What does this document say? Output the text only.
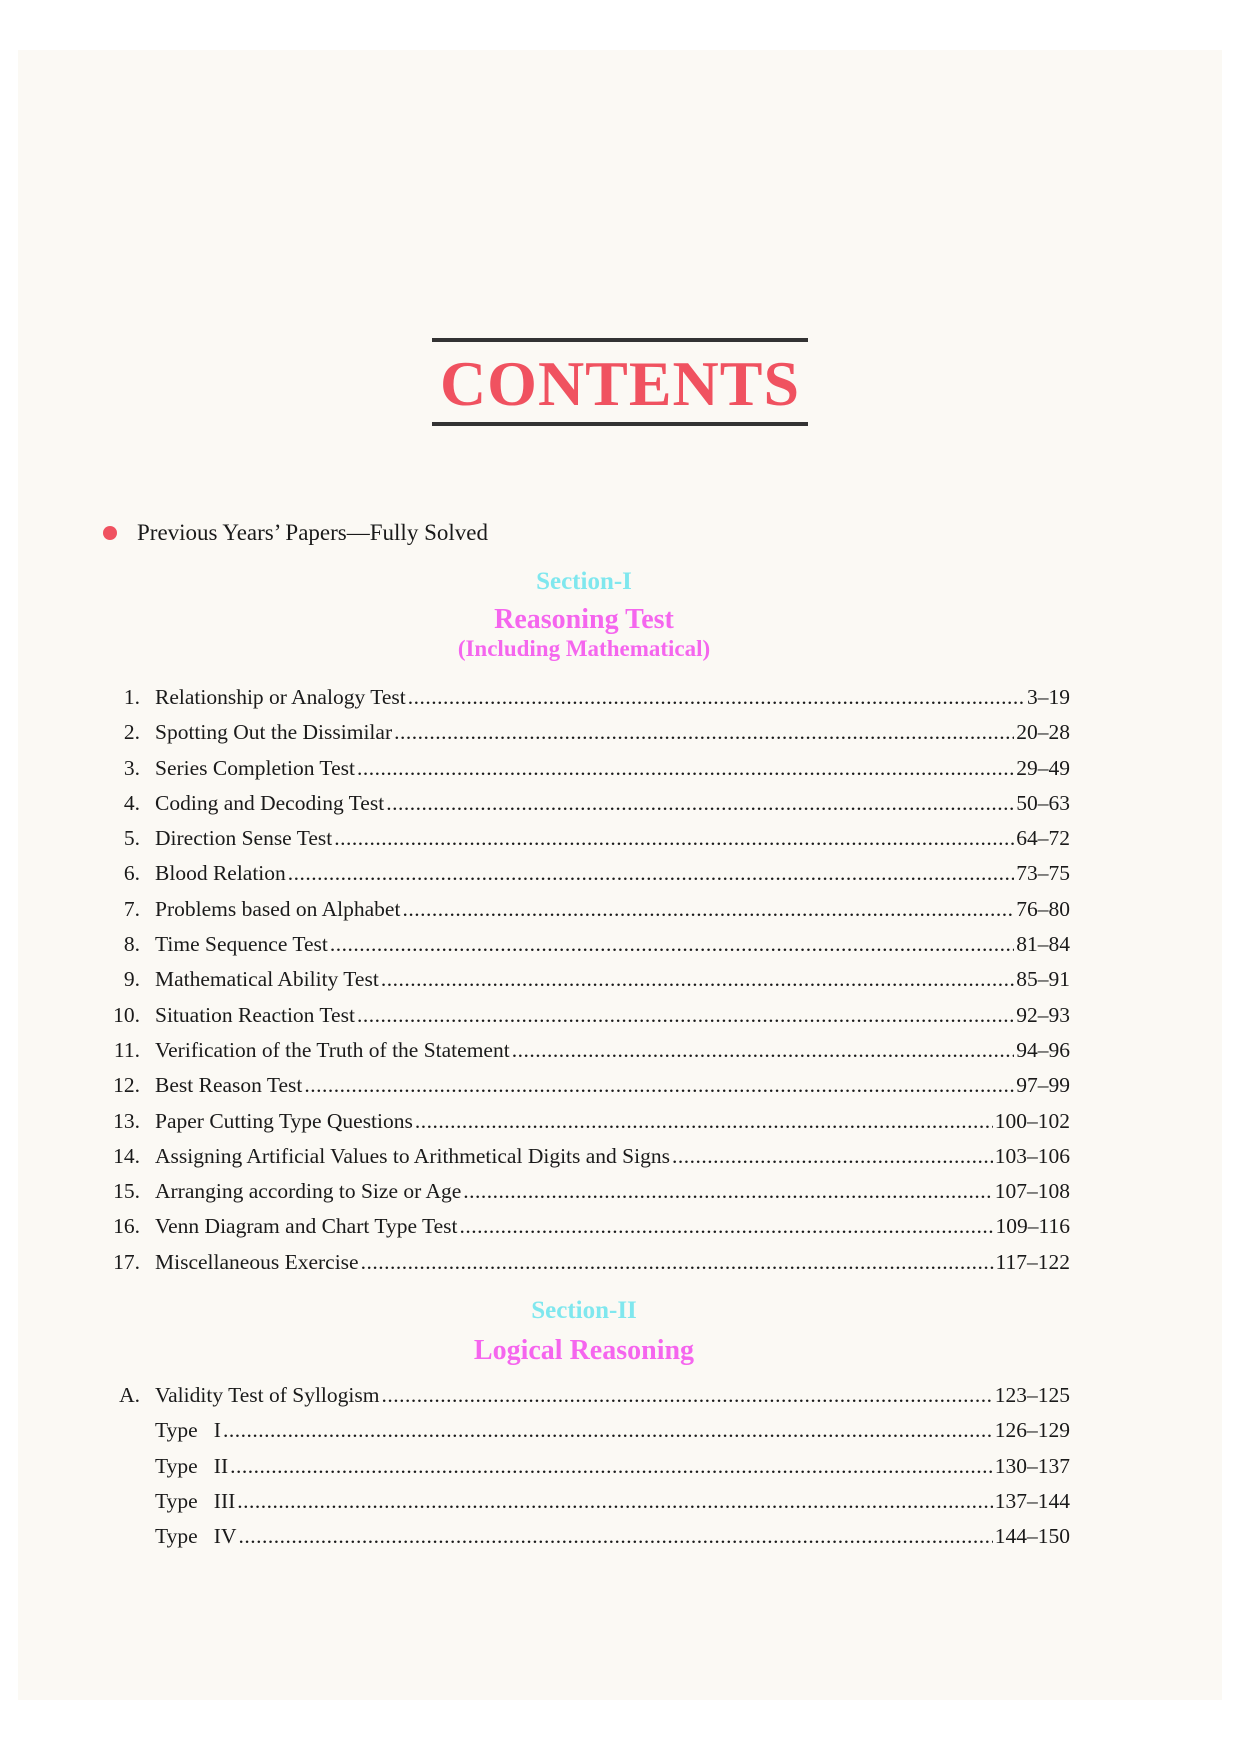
CONTENTS
Previous Years’ Papers—Fully Solved
Section-I
Reasoning Test
(Including Mathematical)
1. Relationship or Analogy Test .....	3–19
2. Spotting Out the Dissimilar .....	20–28
3. Series Completion Test .....	29–49
4. Coding and Decoding Test .....	50–63
5. Direction Sense Test .....	64–72
6. Blood Relation .....	73–75
7. Problems based on Alphabet .....	76–80
8. Time Sequence Test .....	81–84
9. Mathematical Ability Test .....	85–91
10. Situation Reaction Test .....	92–93
11. Verification of the Truth of the Statement .....	94–96
12. Best Reason Test .....	97–99
13. Paper Cutting Type Questions .....	100–102
14. Assigning Artificial Values to Arithmetical Digits and Signs .....	103–106
15. Arranging according to Size or Age .....	107–108
16. Venn Diagram and Chart Type Test .....	109–116
17. Miscellaneous Exercise .....	117–122
Section-II
Logical Reasoning
A. Validity Test of Syllogism .....	123–125
Type   I .....	126–129
Type   II .....	130–137
Type   III .....	137–144
Type   IV .....	144–150
